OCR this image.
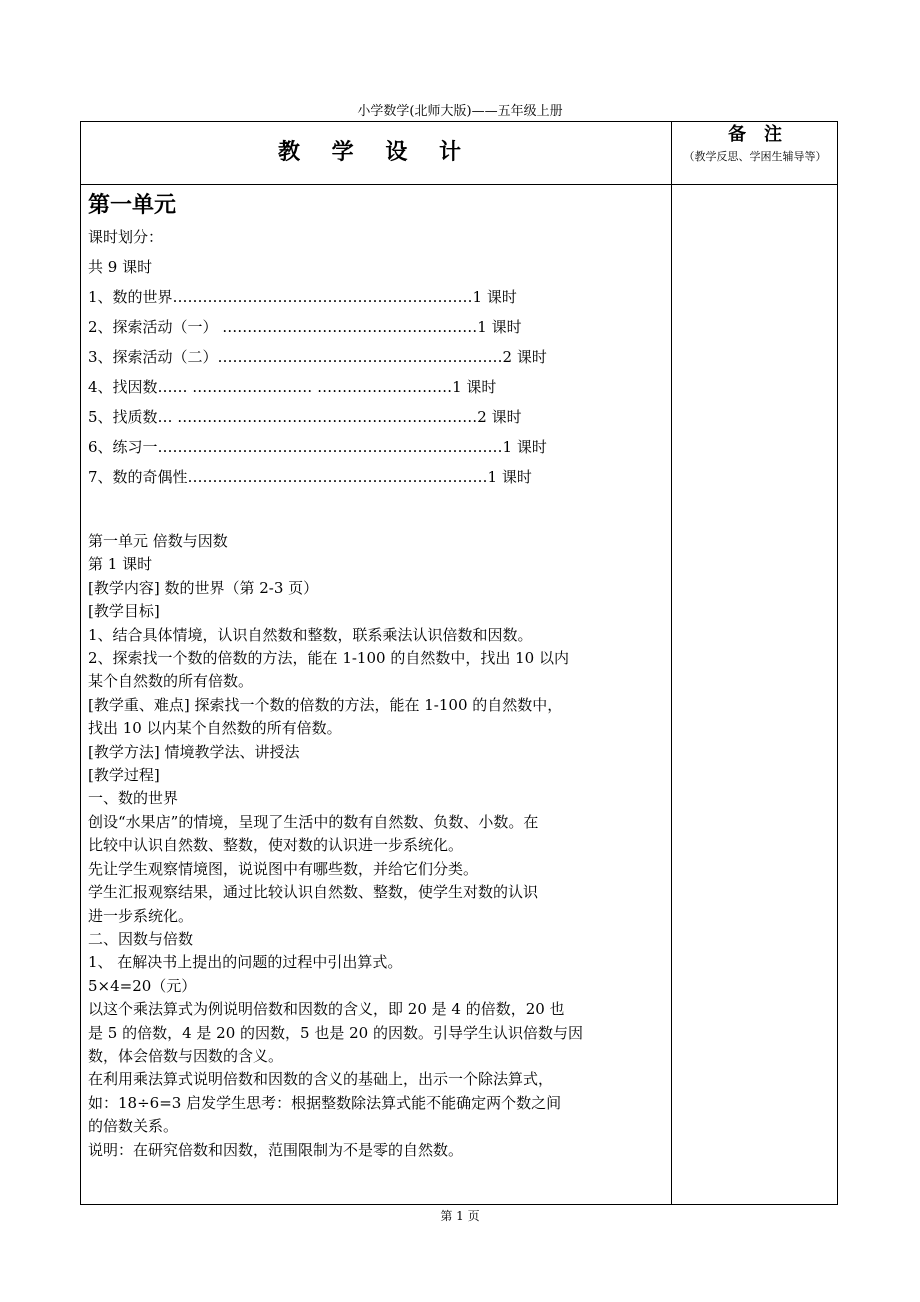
小学数学(北师大版)——五年级上册
教 学 设 计
备　注
（教学反思、学困生辅导等）
第一单元
课时划分：
共 9 课时
1、数的世界……………………………………………………1 课时
2、探索活动（一） ……………………………………………1 课时
3、探索活动（二）…………………………………………………2 课时
4、找因数…… …………………… ………………………1 课时
5、找质数… ……………………………………………………2 课时
6、练习一……………………………………………………………1 课时
7、数的奇偶性……………………………………………………1 课时
第一单元 倍数与因数
第 1 课时
[教学内容] 数的世界（第 2-3 页）
[教学目标]
1、结合具体情境，认识自然数和整数，联系乘法认识倍数和因数。
2、探索找一个数的倍数的方法，能在 1-100 的自然数中，找出 10 以内
某个自然数的所有倍数。
[教学重、难点] 探索找一个数的倍数的方法，能在 1-100 的自然数中，
找出 10 以内某个自然数的所有倍数。
[教学方法] 情境教学法、讲授法
[教学过程]
一、数的世界
创设“水果店”的情境，呈现了生活中的数有自然数、负数、小数。在
比较中认识自然数、整数，使对数的认识进一步系统化。
先让学生观察情境图，说说图中有哪些数，并给它们分类。
学生汇报观察结果，通过比较认识自然数、整数，使学生对数的认识
进一步系统化。
二、因数与倍数
1、 在解决书上提出的问题的过程中引出算式。
5×4=20（元）
以这个乘法算式为例说明倍数和因数的含义，即 20 是 4 的倍数，20 也
是 5 的倍数，4 是 20 的因数，5 也是 20 的因数。引导学生认识倍数与因
数，体会倍数与因数的含义。
在利用乘法算式说明倍数和因数的含义的基础上，出示一个除法算式，
如：18÷6=3 启发学生思考：根据整数除法算式能不能确定两个数之间
的倍数关系。
说明：在研究倍数和因数，范围限制为不是零的自然数。
第 1 页
